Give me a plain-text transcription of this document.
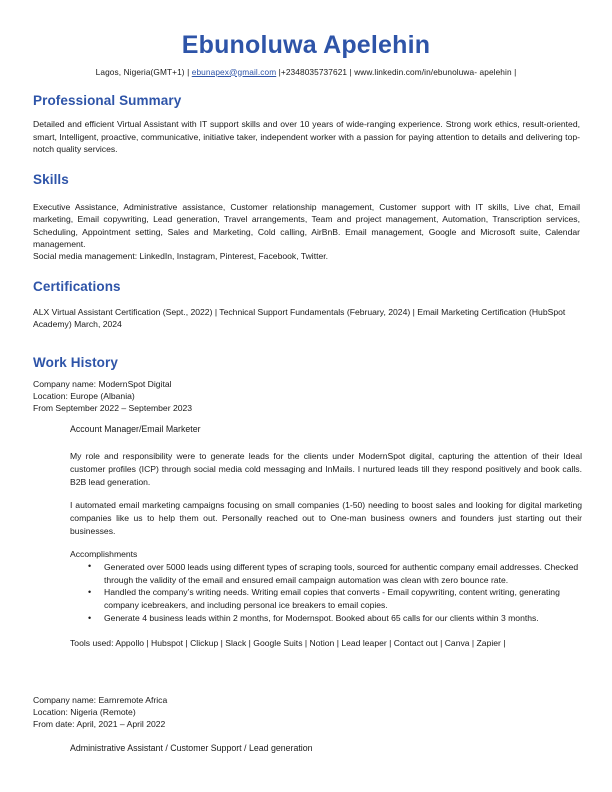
Ebunoluwa Apelehin
Lagos, Nigeria(GMT+1) | ebunapex@gmail.com |+2348035737621 | www.linkedin.com/in/ebunoluwa- apelehin |
Professional Summary

Detailed and efficient Virtual Assistant with IT support skills and over 10 years of wide-ranging experience. Strong work ethics, result-oriented, smart, Intelligent, proactive, communicative, initiative taker, independent worker with a passion for paying attention to details and delivering top-notch quality services.

Skills

Executive Assistance, Administrative assistance, Customer relationship management, Customer support with IT skills, Live chat, Email marketing, Email copywriting, Lead generation, Travel arrangements, Team and project management, Automation, Transcription services, Scheduling, Appointment setting, Sales and Marketing, Cold calling, AirBnB. Email management, Google and Microsoft suite, Calendar management.

Social media management: LinkedIn, Instagram, Pinterest, Facebook, Twitter.

Certifications

ALX Virtual Assistant Certification (Sept., 2022) | Technical Support Fundamentals (February, 2024) | Email Marketing Certification (HubSpot Academy) March, 2024

Work History
Company name: ModernSpot Digital
Location: Europe (Albania)
From September 2022 – September 2023
Account Manager/Email Marketer

My role and responsibility were to generate leads for the clients under ModernSpot digital, capturing the attention of their Ideal customer profiles (ICP) through social media cold messaging and InMails. I nurtured leads till they respond positively and book calls. B2B lead generation.

I automated email marketing campaigns focusing on small companies (1-50) needing to boost sales and looking for digital marketing companies like us to help them out. Personally reached out to One-man business owners and founders just starting out their businesses.

Accomplishments
• Generated over 5000 leads using different types of scraping tools, sourced for authentic company email addresses. Checked through the validity of the email and ensured email campaign automation was clean with zero bounce rate.
• Handled the company’s writing needs. Writing email copies that converts - Email copywriting, content writing, generating company icebreakers, and including personal ice breakers to email copies.
• Generate 4 business leads within 2 months, for Modernspot. Booked about 65 calls for our clients within 3 months.

Tools used: Appollo | Hubspot | Clickup | Slack | Google Suits | Notion | Lead leaper | Contact out | Canva | Zapier |

Company name: Earnremote Africa
Location: Nigeria (Remote)
From date: April, 2021 – April 2022
Administrative Assistant / Customer Support / Lead generation
